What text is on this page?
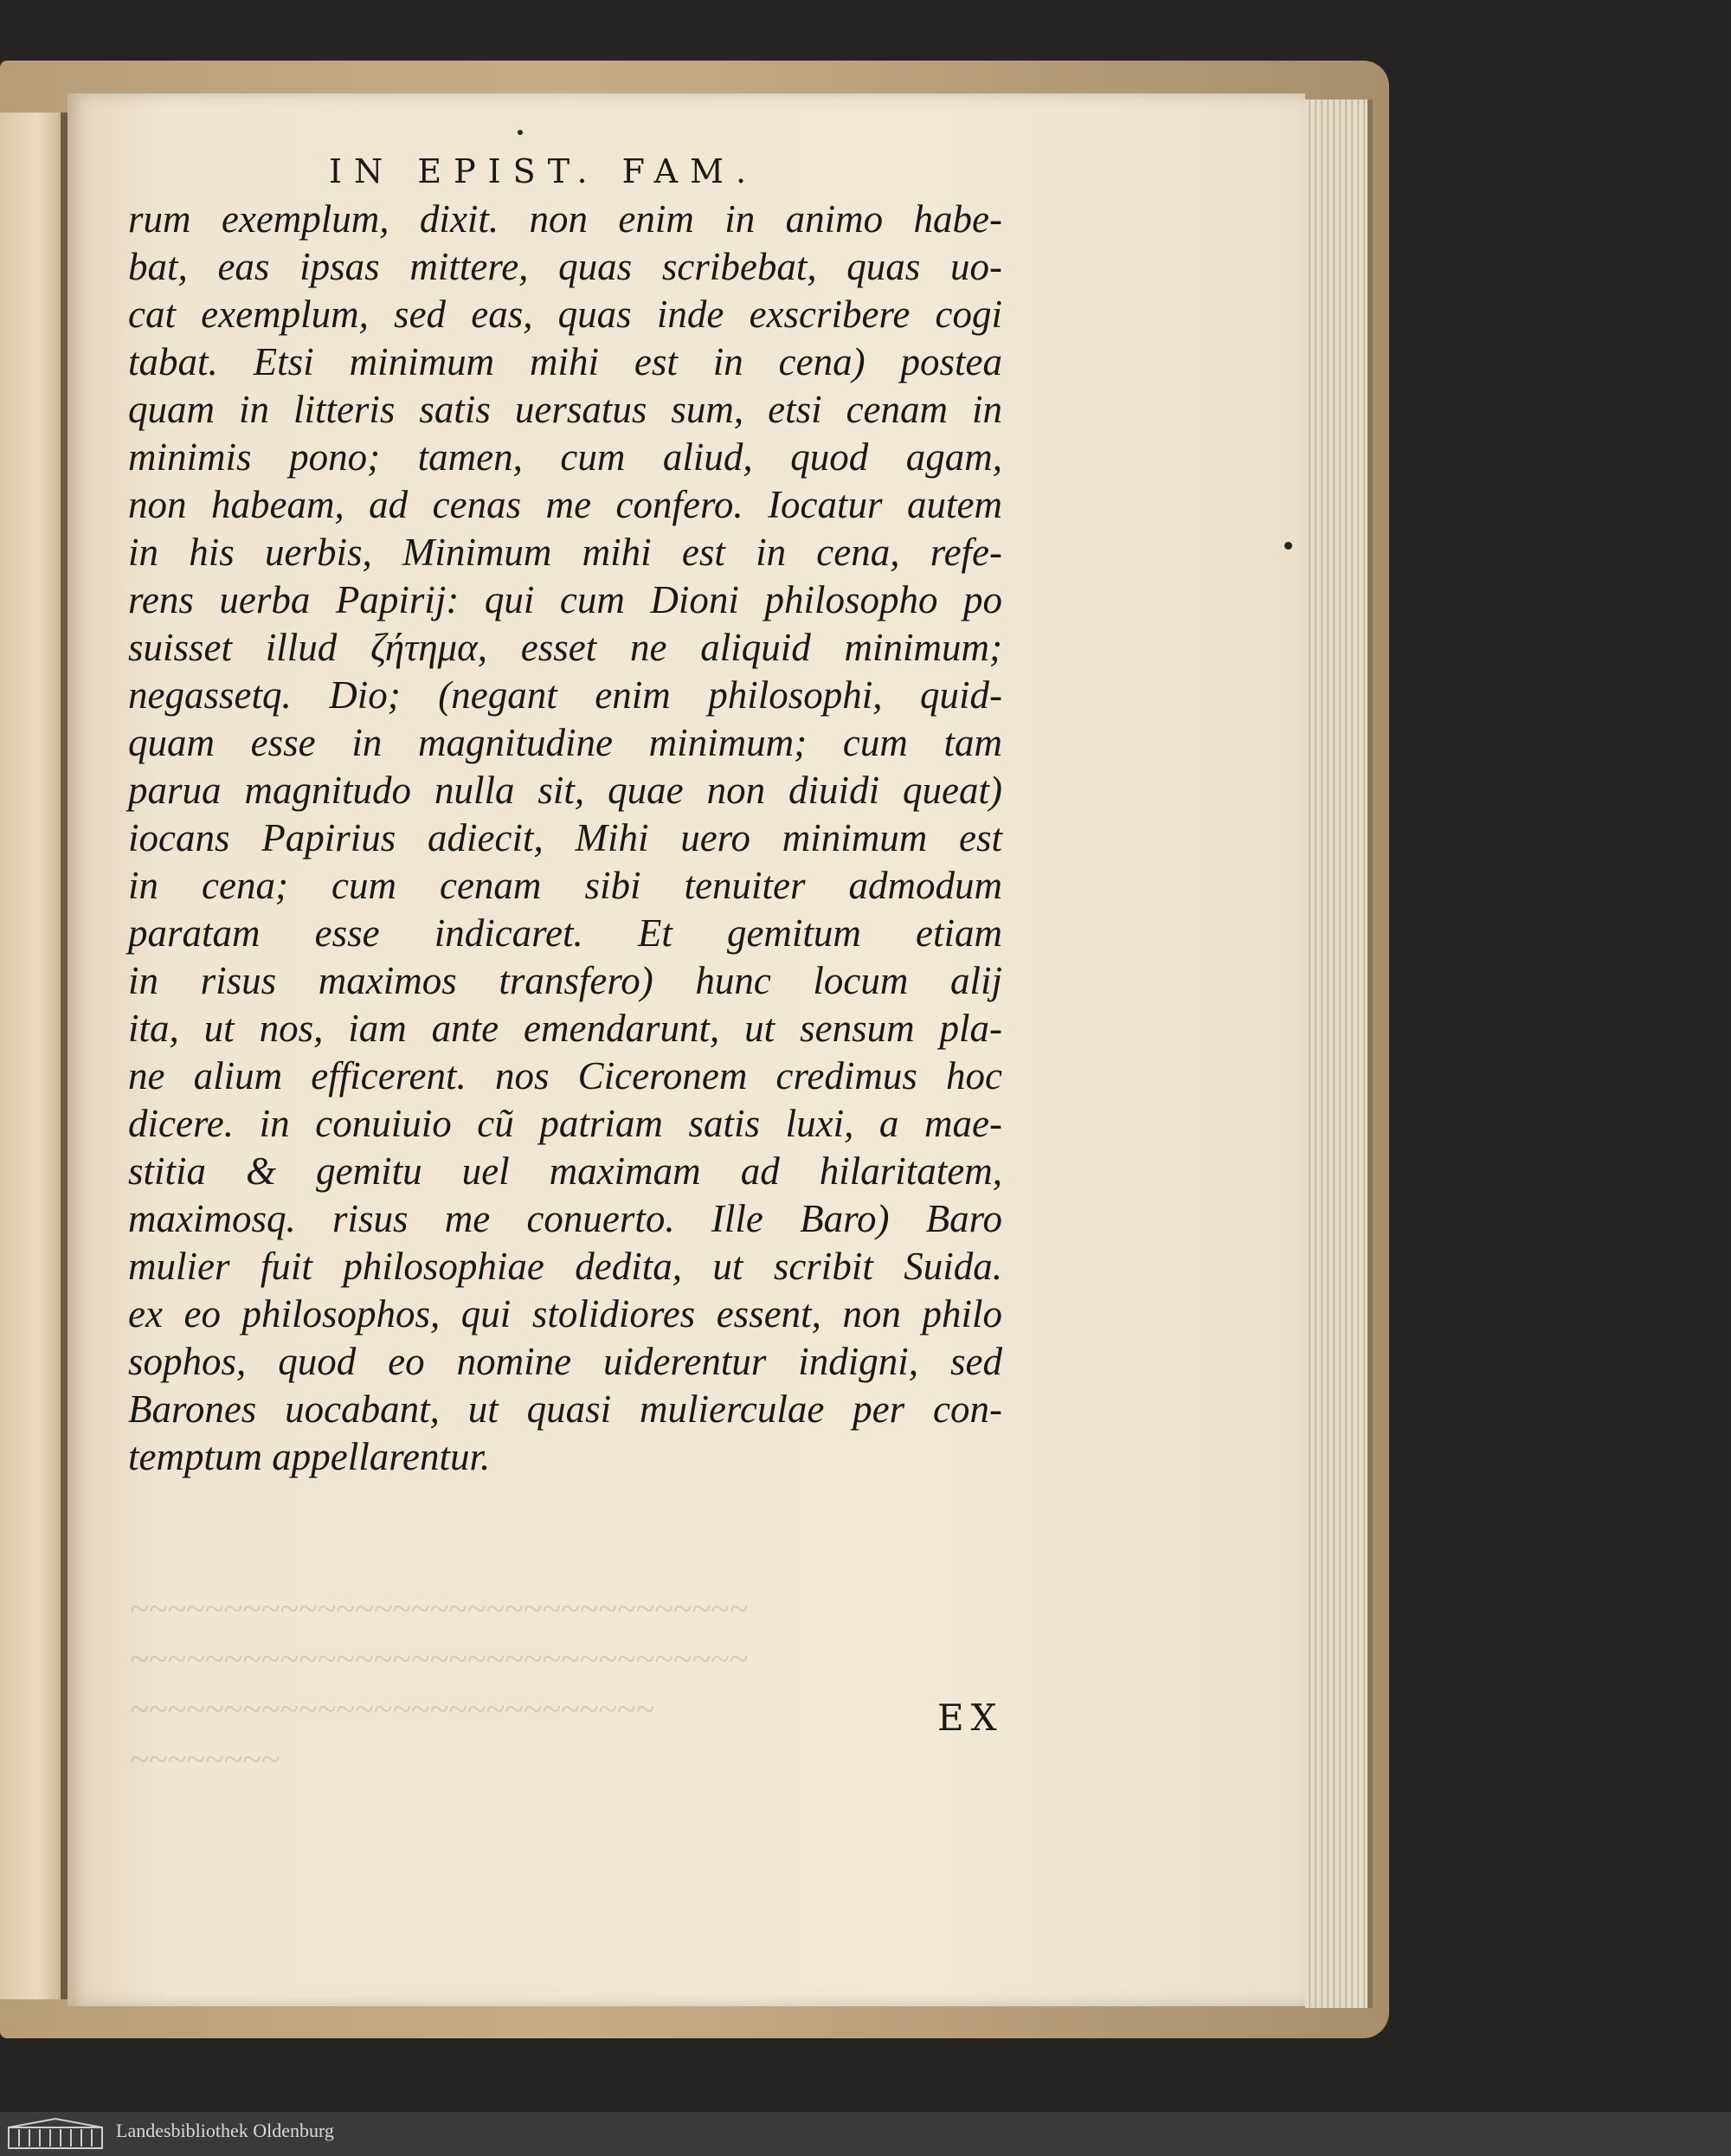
IN EPIST. FAM.
rum exemplum, dixit. non enim in animo habe-
bat, eas ipsas mittere, quas scribebat, quas uo-
cat exemplum, sed eas, quas inde exscribere cogi
tabat. Etsi minimum mihi est in cena) postea
quam in litteris satis uersatus sum, etsi cenam in
minimis pono; tamen, cum aliud, quod agam,
non habeam, ad cenas me confero. Iocatur autem
in his uerbis, Minimum mihi est in cena, refe-
rens uerba Papirij: qui cum Dioni philosopho po
suisset illud ζήτημα, esset ne aliquid minimum;
negassetq. Dio; (negant enim philosophi, quid-
quam esse in magnitudine minimum; cum tam
parua magnitudo nulla sit, quae non diuidi queat)
iocans Papirius adiecit, Mihi uero minimum est
in cena; cum cenam sibi tenuiter admodum
paratam esse indicaret. Et gemitum etiam
in risus maximos transfero) hunc locum alij
ita, ut nos, iam ante emendarunt, ut sensum pla-
ne alium efficerent. nos Ciceronem credimus hoc
dicere. in conuiuio cũ patriam satis luxi, a mae-
stitia & gemitu uel maximam ad hilaritatem,
maximosq. risus me conuerto. Ille Baro) Baro
mulier fuit philosophiae dedita, ut scribit Suida.
ex eo philosophos, qui stolidiores essent, non philo
sophos, quod eo nomine uiderentur indigni, sed
Barones uocabant, ut quasi mulierculae per con-
temptum appellarentur.
~~~~~~~~~~~~~~~~~~~~~~~~~~~~~~~~~
~~~~~~~~~~~~~~~~~~~~~~~~~~~~~~~~~
~~~~~~~~~~~~~~~~~~~~~~~~~~~~
~~~~~~~~
EX
Landesbibliothek Oldenburg
